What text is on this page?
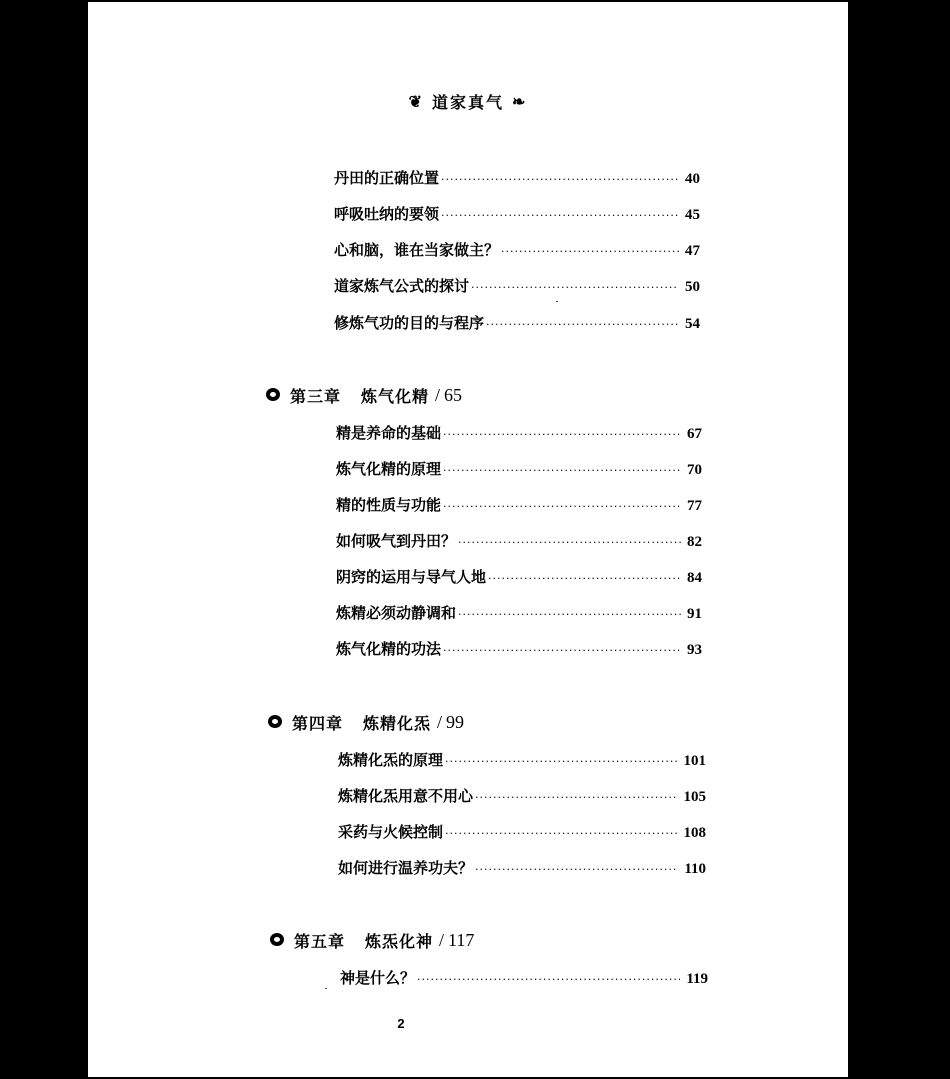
❦ 道家真气 ❧
丹田的正确位置 ·····	40
呼吸吐纳的要领 ·····	45
心和脑，谁在当家做主？ ·····	47
道家炼气公式的探讨 ·····	50
修炼气功的目的与程序 ·····	54
第三章 炼气化精 / 65
精是养命的基础 ·····	67
炼气化精的原理 ·····	70
精的性质与功能 ·····	77
如何吸气到丹田？ ·····	82
阴窍的运用与导气人地 ·····	84
炼精必须动静调和 ·····	91
炼气化精的功法 ·····	93
第四章 炼精化炁 / 99
炼精化炁的原理 ·····	101
炼精化炁用意不用心 ·····	105
采药与火候控制 ·····	108
如何进行温养功夫？ ·····	110
第五章 炼炁化神 / 117
神是什么？ ·····	119
2
